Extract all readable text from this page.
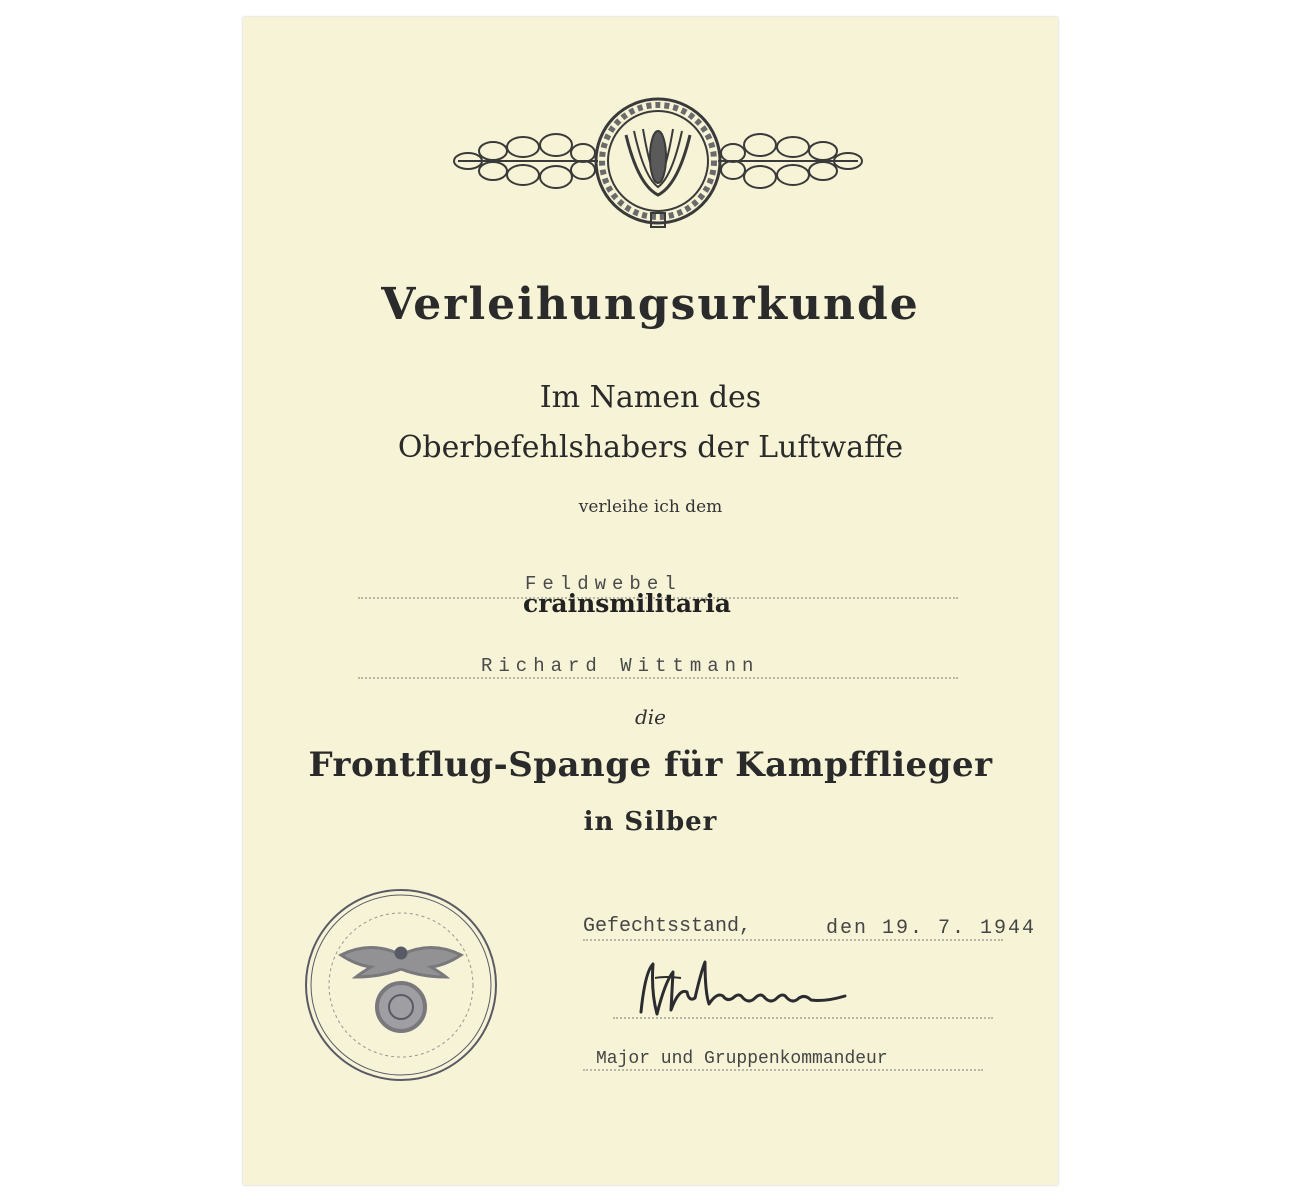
Verleihungsurkunde
Im Namen des
Oberbefehlshabers der Luftwaffe
verleihe ich dem
Feldwebel
crainsmilitaria
Richard Wittmann
die
Frontflug-Spange für Kampfflieger
in Silber
Gefechtsstand,	den 19. 7. 1944
Major und Gruppenkommandeur
